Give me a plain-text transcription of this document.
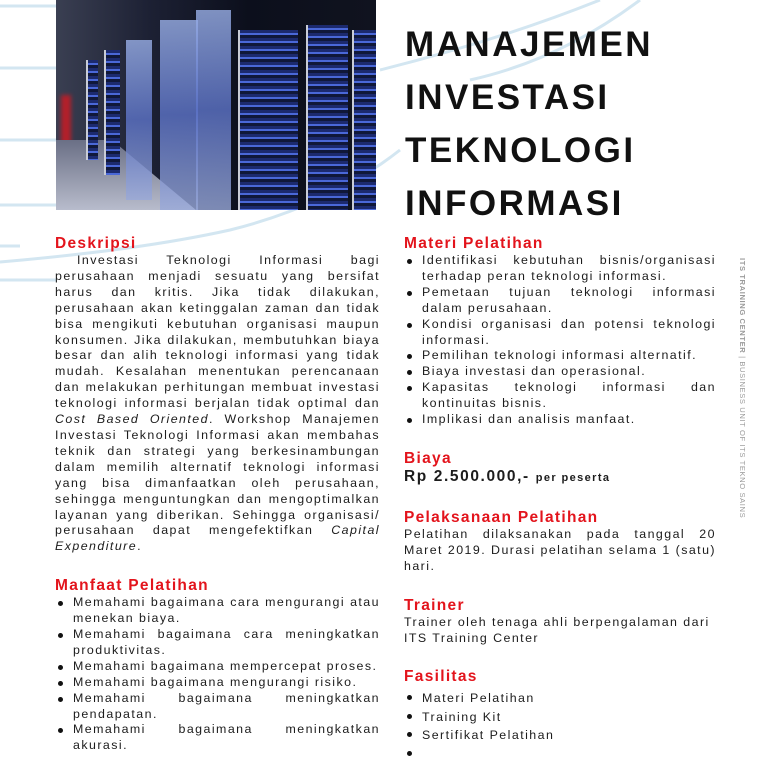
MANAJEMEN
INVESTASI
TEKNOLOGI
INFORMASI
Deskripsi

Investasi Teknologi Informasi bagi perusahaan menjadi sesuatu yang bersifat harus dan kritis. Jika tidak dilakukan, perusahaan akan ketinggalan zaman dan tidak bisa mengikuti kebutuhan organisasi maupun konsumen. Jika dilakukan, membutuhkan biaya besar dan alih teknologi informasi yang tidak mudah. Kesalahan menentukan perencanaan dan melakukan perhitungan membuat investasi teknologi informasi berjalan tidak optimal dan Cost Based Oriented. Workshop Manajemen Investasi Teknologi Informasi akan membahas teknik dan strategi yang berkesinambungan dalam memilih alternatif teknologi informasi yang bisa dimanfaatkan oleh perusahaan, sehingga menguntungkan dan mengoptimalkan layanan yang diberikan. Sehingga organisasi/ perusahaan dapat mengefektifkan Capital Expenditure.

Manfaat Pelatihan
Memahami bagaimana cara mengurangi atau menekan biaya.
Memahami bagaimana cara meningkatkan produktivitas.
Memahami bagaimana mempercepat proses.
Memahami bagaimana mengurangi risiko.
Memahami bagaimana meningkatkan pendapatan.
Memahami bagaimana meningkatkan akurasi.
Materi Pelatihan
Identifikasi kebutuhan bisnis/organisasi terhadap peran teknologi informasi.
Pemetaan tujuan teknologi informasi dalam perusahaan.
Kondisi organisasi dan potensi teknologi informasi.
Pemilihan teknologi informasi alternatif.
Biaya investasi dan operasional.
Kapasitas teknologi informasi dan kontinuitas bisnis.
Implikasi dan analisis manfaat.
Biaya
Rp 2.500.000,- per peserta
Pelaksanaan Pelatihan

Pelatihan dilaksanakan pada tanggal 20 Maret 2019. Durasi pelatihan selama 1 (satu) hari.

Trainer

Trainer oleh tenaga ahli berpengalaman dari ITS Training Center

Fasilitas
Materi Pelatihan
Training Kit
Sertifikat Pelatihan
ITS TRAINING CENTER | BUSINESS UNIT OF ITS TEKNO SAINS
